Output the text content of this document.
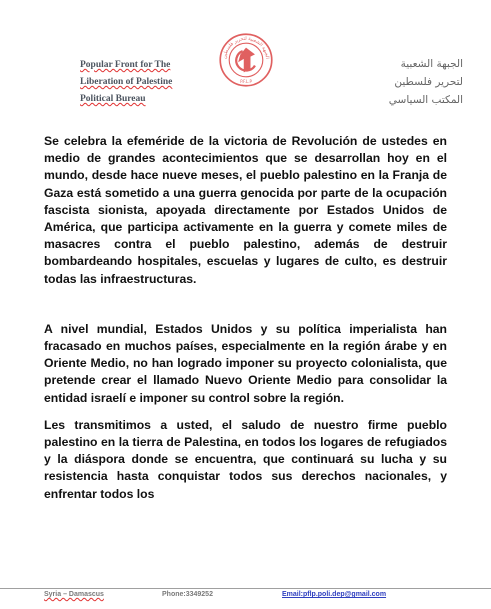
Popular Front for The
Liberation of Palestine
Political Bureau
الجبهة الشعبية لتحرير فلسطين
P.F.L.P
الجبهة الشعبية
لتحرير فلسطين
المكتب السياسي

Se celebra la efeméride de la victoria de Revolución de ustedes en medio de grandes acontecimientos que se desarrollan hoy en el mundo, desde hace nueve meses, el pueblo palestino en la Franja de Gaza está sometido a una guerra genocida por parte de la ocupación fascista sionista, apoyada directamente por Estados Unidos de América, que participa activamente en la guerra y comete miles de masacres contra el pueblo palestino, además de destruir bombardeando hospitales, escuelas y lugares de culto, es destruir todas las infraestructuras.

A nivel mundial, Estados Unidos y su política imperialista han fracasado en muchos países, especialmente en la región árabe y en Oriente Medio, no han logrado imponer su proyecto colonialista, que pretende crear el llamado Nuevo Oriente Medio para consolidar la entidad israelí e imponer su control sobre la región.

Les transmitimos a usted, el saludo de nuestro firme pueblo palestino en la tierra de Palestina, en todos los logares de refugiados y la diáspora donde se encuentra, que continuará su lucha y su resistencia hasta conquistar todos sus derechos nacionales, y enfrentar todos los

Syria – Damascus	Phone:3349252	Email:pflp.poli.dep@gmail.com
